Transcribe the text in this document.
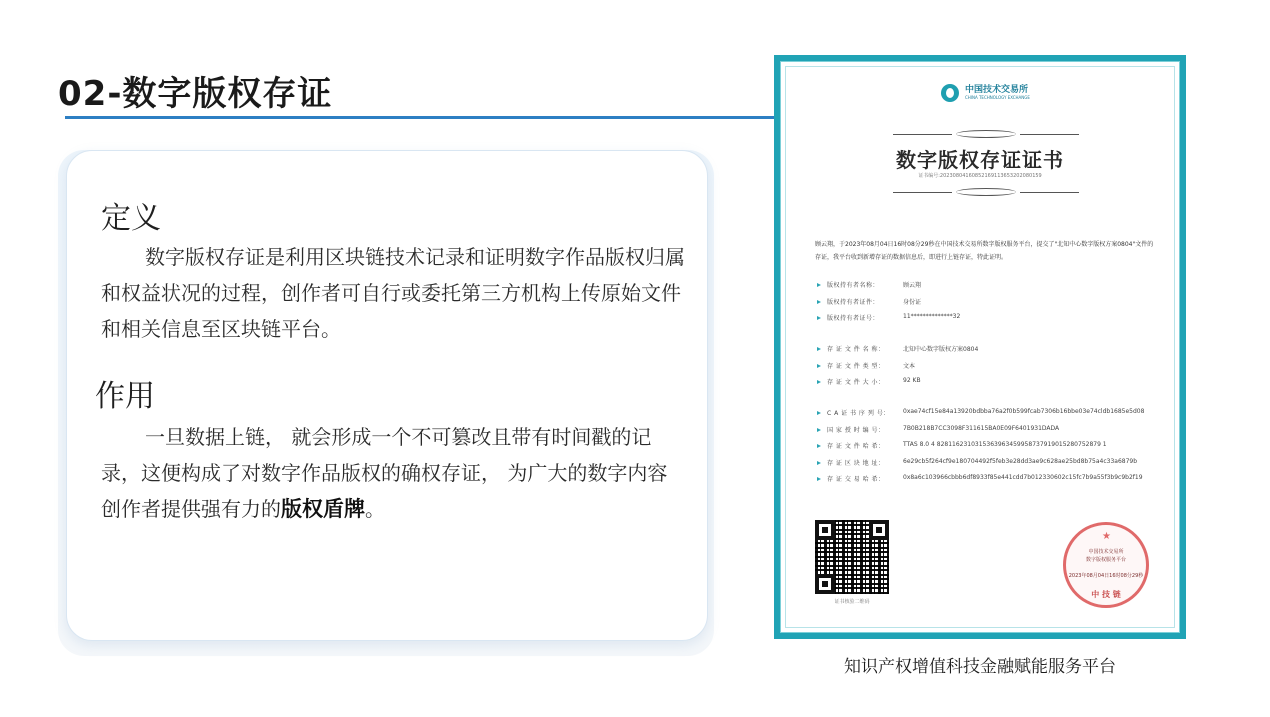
02-数字版权存证
定义
数字版权存证是利用区块链技术记录和证明数字作品版权归属和权益状况的过程，创作者可自行或委托第三方机构上传原始文件和相关信息至区块链平台。
作用
一旦数据上链， 就会形成一个不可篡改且带有时间戳的记录，这便构成了对数字作品版权的确权存证， 为广大的数字内容创作者提供强有力的版权盾牌。
中国技术交易所
CHINA TECHNOLOGY EXCHANGE
数字版权存证证书
证书编号:20230804160852169113653202080159
顾云翔，于2023年08月04日16时08分29秒在中国技术交易所数字版权服务平台，提交了"北知中心数字版权方案0804"文件的存证，我平台收到新增存证的数据信息后，即进行上链存证，特此证明。
版权持有者名称：	顾云翔
版权持有者证件：	身份证
版权持有者证号：	11**************32
存 证 文 件 名 称：	北知中心数字版权方案0804
存 证 文 件 类 型：	文本
存 证 文 件 大 小：	92 KB
C A 证 书 序 列 号： 0xae74cf15e84a13920bdbba76a2f0b599fcab7306b16bbe03e74cldb1685e5d08
国 家 授 时 编 号：	7B0B218B7CC3098F311615BA0E09F6401931DADA
存 证 文 件 哈 希：	TTAS 8.0 4 8281162310315363963459958737919015280752879 1
存 证 区 块 地 址：	6e29cb5f264cf9e180704492f5feb3e28dd3ae9c628ae25bd8b75a4c33a6879b
存 证 交 易 哈 希：	0x8a6c103966cbbb6df8933f85e441cdd7b012330602c15fc7b9a55f3b9c9b2f19
证书核验二维码
★
中国技术交易所
数字版权服务平台
2023年08月04日16时08分29秒
中 技 链
知识产权增值科技金融赋能服务平台
